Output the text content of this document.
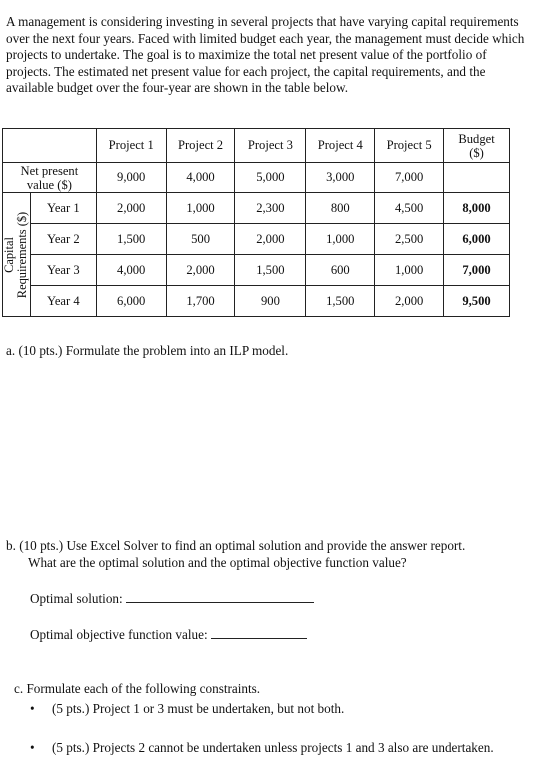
A management is considering investing in several projects that have varying capital requirements over the next four years. Faced with limited budget each year, the management must decide which projects to undertake. The goal is to maximize the total net present value of the portfolio of projects. The estimated net present value for each project, the capital requirements, and the available budget over the four-year are shown in the table below.

		Project 1	Project 2	Project 3	Project 4	Project 5	Budget
($)
Net present
value ($)		9,000	4,000	5,000	3,000	7,000	

Capital
Requirements ($)	Year 1	2,000	1,000	2,300	800	4,500	8,000
	Year 2	1,500	500	2,000	1,000	2,500	6,000
	Year 3	4,000	2,000	1,500	600	1,000	7,000
	Year 4	6,000	1,700	900	1,500	2,000	9,500

a. (10 pts.) Formulate the problem into an ILP model.

b. (10 pts.) Use Excel Solver to find an optimal solution and provide the answer report.
What are the optimal solution and the optimal objective function value?
Optimal solution:
Optimal objective function value:

c. Formulate each of the following constraints.

• (5 pts.) Project 1 or 3 must be undertaken, but not both.
• (5 pts.) Projects 2 cannot be undertaken unless projects 1 and 3 also are undertaken.
